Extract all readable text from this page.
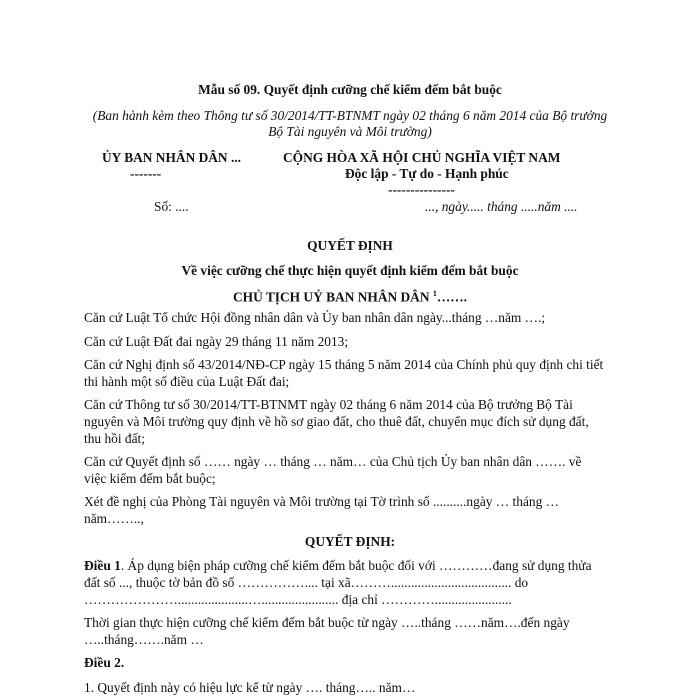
Mẫu số 09. Quyết định cưỡng chế kiểm đếm bắt buộc
(Ban hành kèm theo Thông tư số 30/2014/TT-BTNMT ngày 02 tháng 6 năm 2014 của Bộ trưởng
Bộ Tài nguyên và Môi trường)
ỦY BAN NHÂN DÂN ...	CỘNG HÒA XÃ HỘI CHỦ NGHĨA VIỆT NAM
-------	Độc lập - Tự do - Hạnh phúc
---------------
Số: ....	..., ngày..... tháng .....năm ....
QUYẾT ĐỊNH
Về việc cưỡng chế thực hiện quyết định kiểm đếm bắt buộc
CHỦ TỊCH UỶ BAN NHÂN DÂN $^1$…….
Căn cứ Luật Tổ chức Hội đồng nhân dân và Ủy ban nhân dân ngày...tháng …năm ….;
Căn cứ Luật Đất đai ngày 29 tháng 11 năm 2013;
Căn cứ Nghị định số 43/2014/NĐ-CP ngày 15 tháng 5 năm 2014 của Chính phủ quy định chi tiết
thi hành một số điều của Luật Đất đai;
Căn cứ Thông tư số 30/2014/TT-BTNMT ngày 02 tháng 6 năm 2014 của Bộ trưởng Bộ Tài
nguyên và Môi trường quy định về hồ sơ giao đất, cho thuê đất, chuyển mục đích sử dụng đất,
thu hồi đất;
Căn cứ Quyết định số …… ngày … tháng … năm… của Chủ tịch Ủy ban nhân dân ……. về
việc kiểm đếm bắt buộc;
Xét đề nghị của Phòng Tài nguyên và Môi trường tại Tờ trình số ..........ngày … tháng …
năm……..,
QUYẾT ĐỊNH:
Điều 1. Áp dụng biện pháp cưỡng chế kiểm đếm bắt buộc đối với …………đang sử dụng thửa
đất số ..., thuộc tờ bản đồ số …………….... tại xã……….................................... do
………………….....................…....................... địa chỉ ………….......................
Thời gian thực hiện cưỡng chế kiểm đếm bắt buộc từ ngày …..tháng ……năm….đến ngày
…..tháng…….năm …
Điều 2.
1. Quyết định này có hiệu lực kể từ ngày …. tháng….. năm…
